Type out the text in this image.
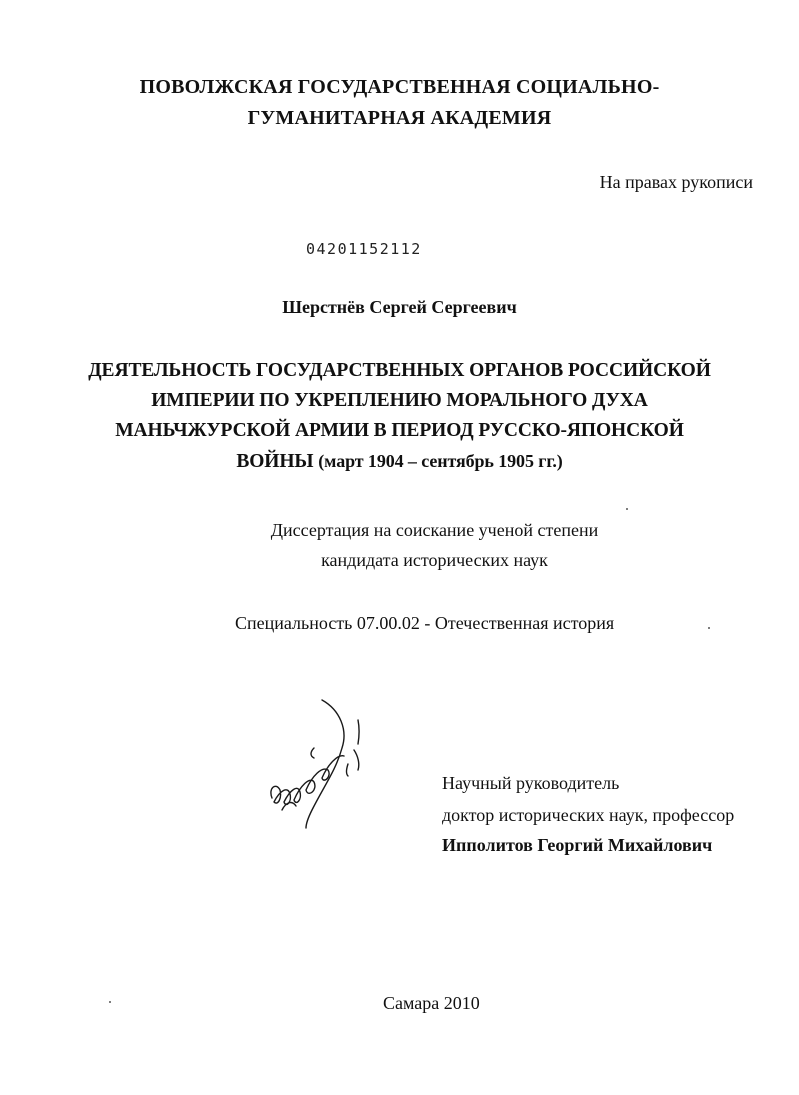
ПОВОЛЖСКАЯ ГОСУДАРСТВЕННАЯ СОЦИАЛЬНО-
ГУМАНИТАРНАЯ АКАДЕМИЯ
На правах рукописи
04201152112
Шерстнёв Сергей Сергеевич
ДЕЯТЕЛЬНОСТЬ ГОСУДАРСТВЕННЫХ ОРГАНОВ РОССИЙСКОЙ
ИМПЕРИИ ПО УКРЕПЛЕНИЮ МОРАЛЬНОГО ДУХА
МАНЬЧЖУРСКОЙ АРМИИ В ПЕРИОД РУССКО-ЯПОНСКОЙ
ВОЙНЫ (март 1904 – сентябрь 1905 гг.)
Диссертация на соискание ученой степени
кандидата исторических наук
Специальность 07.00.02 - Отечественная история
Научный руководитель
доктор исторических наук, профессор
Ипполитов Георгий Михайлович
Самара 2010
